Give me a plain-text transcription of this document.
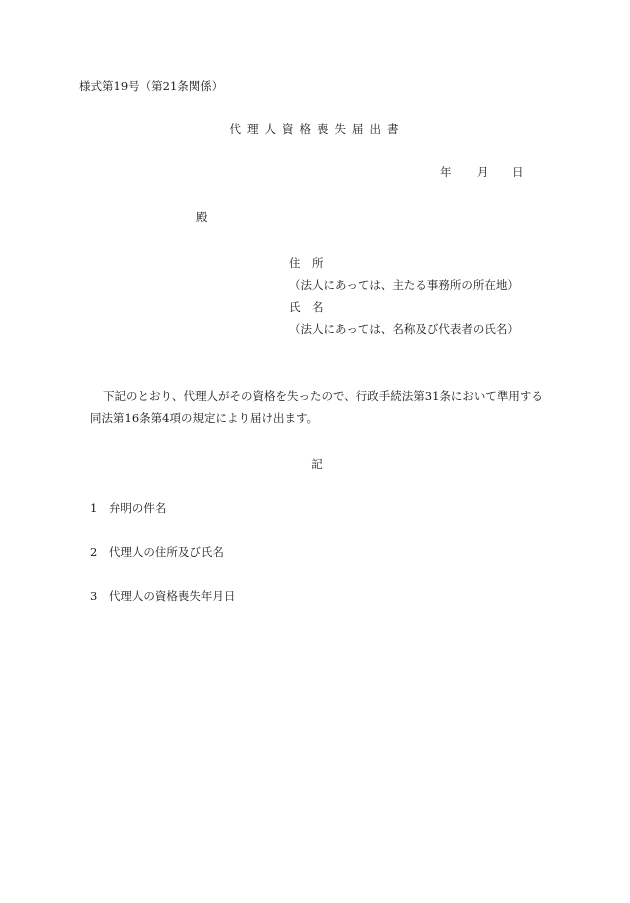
様式第19号（第21条関係）
代理人資格喪失届出書
年 月 日
殿
住　所
（法人にあっては、主たる事務所の所在地）
氏　名
（法人にあっては、名称及び代表者の氏名）
下記のとおり、代理人がその資格を失ったので、行政手続法第31条において準用する
同法第16条第4項の規定により届け出ます。
記
1　弁明の件名
2　代理人の住所及び氏名
3　代理人の資格喪失年月日
